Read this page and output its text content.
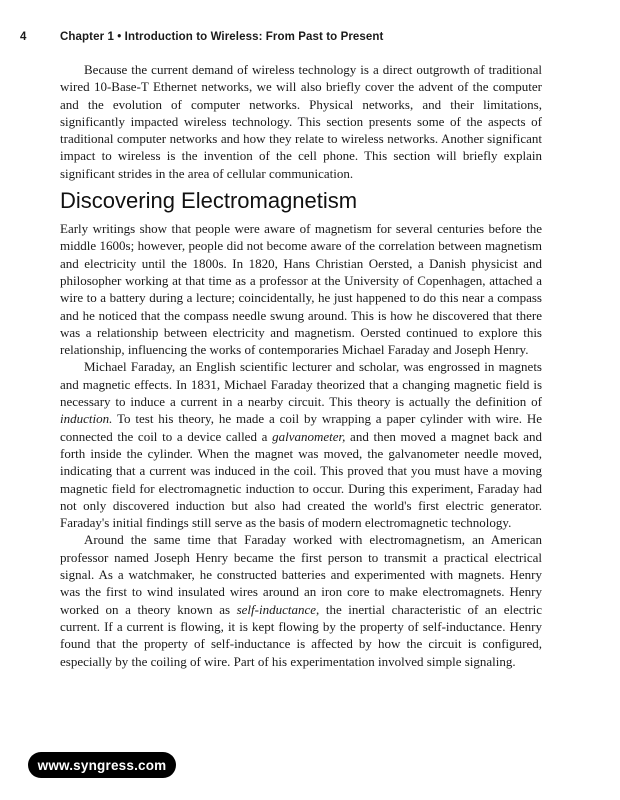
4	Chapter 1 • Introduction to Wireless: From Past to Present

Because the current demand of wireless technology is a direct outgrowth of traditional wired 10-Base-T Ethernet networks, we will also briefly cover the advent of the computer and the evolution of computer networks. Physical networks, and their limitations, significantly impacted wireless technology. This section presents some of the aspects of traditional computer networks and how they relate to wireless networks. Another significant impact to wireless is the invention of the cell phone. This section will briefly explain significant strides in the area of cellular communication.

Discovering Electromagnetism

Early writings show that people were aware of magnetism for several centuries before the middle 1600s; however, people did not become aware of the correlation between magnetism and electricity until the 1800s. In 1820, Hans Christian Oersted, a Danish physicist and philosopher working at that time as a professor at the University of Copenhagen, attached a wire to a battery during a lecture; coincidentally, he just happened to do this near a compass and he noticed that the compass needle swung around. This is how he discovered that there was a relationship between electricity and magnetism. Oersted continued to explore this relationship, influencing the works of contemporaries Michael Faraday and Joseph Henry.

Michael Faraday, an English scientific lecturer and scholar, was engrossed in magnets and magnetic effects. In 1831, Michael Faraday theorized that a changing magnetic field is necessary to induce a current in a nearby circuit. This theory is actually the definition of induction. To test his theory, he made a coil by wrapping a paper cylinder with wire. He connected the coil to a device called a galvanometer, and then moved a magnet back and forth inside the cylinder. When the magnet was moved, the galvanometer needle moved, indicating that a current was induced in the coil. This proved that you must have a moving magnetic field for electromagnetic induction to occur. During this experiment, Faraday had not only discovered induction but also had created the world's first electric generator. Faraday's initial findings still serve as the basis of modern electromagnetic technology.

Around the same time that Faraday worked with electromagnetism, an American professor named Joseph Henry became the first person to transmit a practical electrical signal. As a watchmaker, he constructed batteries and experimented with magnets. Henry was the first to wind insulated wires around an iron core to make electromagnets. Henry worked on a theory known as self-inductance, the inertial characteristic of an electric current. If a current is flowing, it is kept flowing by the property of self-inductance. Henry found that the property of self-inductance is affected by how the circuit is configured, especially by the coiling of wire. Part of his experimentation involved simple signaling.

www.syngress.com
